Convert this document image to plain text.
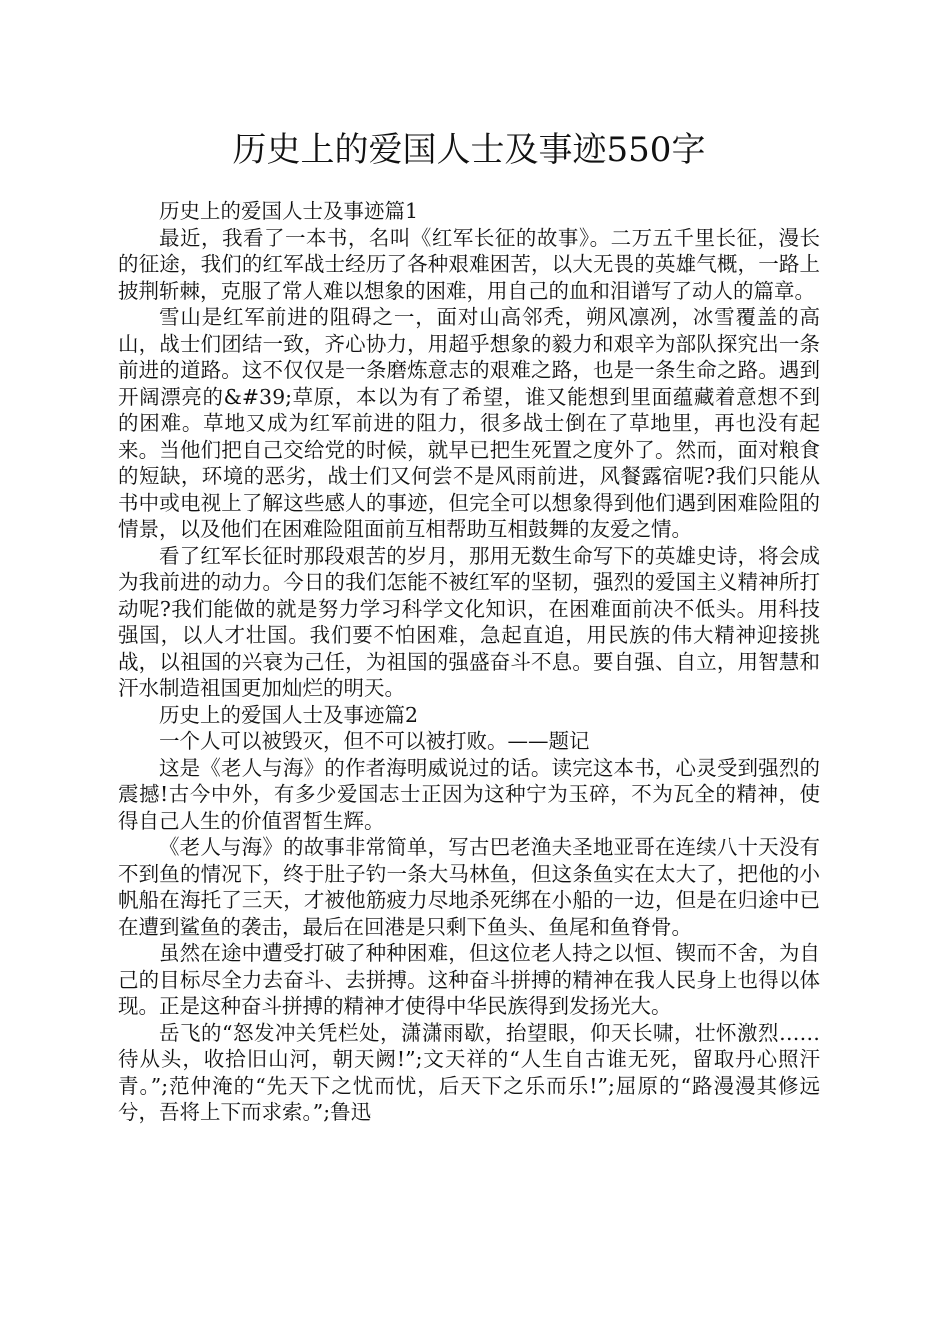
历史上的爱国人士及事迹550字

历史上的爱国人士及事迹篇1

最近，我看了一本书，名叫《红军长征的故事》。二万五千里长征，漫长的征途，我们的红军战士经历了各种艰难困苦，以大无畏的英雄气概，一路上披荆斩棘，克服了常人难以想象的困难，用自己的血和泪谱写了动人的篇章。

雪山是红军前进的阻碍之一，面对山高邻秃，朔风凛冽，冰雪覆盖的高山，战士们团结一致，齐心协力，用超乎想象的毅力和艰辛为部队探究出一条前进的道路。这不仅仅是一条磨炼意志的艰难之路，也是一条生命之路。遇到开阔漂亮的&#39;草原，本以为有了希望，谁又能想到里面蕴藏着意想不到的困难。草地又成为红军前进的阻力，很多战士倒在了草地里，再也没有起来。当他们把自己交给党的时候，就早已把生死置之度外了。然而，面对粮食的短缺，环境的恶劣，战士们又何尝不是风雨前进，风餐露宿呢?我们只能从书中或电视上了解这些感人的事迹，但完全可以想象得到他们遇到困难险阻的情景，以及他们在困难险阻面前互相帮助互相鼓舞的友爱之情。

看了红军长征时那段艰苦的岁月，那用无数生命写下的英雄史诗，将会成为我前进的动力。今日的我们怎能不被红军的坚韧，强烈的爱国主义精神所打动呢?我们能做的就是努力学习科学文化知识，在困难面前决不低头。用科技强国，以人才壮国。我们要不怕困难，急起直追，用民族的伟大精神迎接挑战，以祖国的兴衰为己任，为祖国的强盛奋斗不息。要自强、自立，用智慧和汗水制造祖国更加灿烂的明天。

历史上的爱国人士及事迹篇2

一个人可以被毁灭，但不可以被打败。——题记

这是《老人与海》的作者海明威说过的话。读完这本书，心灵受到强烈的震撼!古今中外，有多少爱国志士正因为这种宁为玉碎，不为瓦全的精神，使得自己人生的价值習皙生辉。

《老人与海》的故事非常简单，写古巴老渔夫圣地亚哥在连续八十天没有不到鱼的情况下，终于肚子钓一条大马林鱼，但这条鱼实在太大了，把他的小帆船在海托了三天，才被他筋疲力尽地杀死绑在小船的一边，但是在归途中已在遭到鲨鱼的袭击，最后在回港是只剩下鱼头、鱼尾和鱼脊骨。

虽然在途中遭受打破了种种困难，但这位老人持之以恒、锲而不舍，为自己的目标尽全力去奋斗、去拼搏。这种奋斗拼搏的精神在我人民身上也得以体现。正是这种奋斗拼搏的精神才使得中华民族得到发扬光大。

岳飞的“怒发冲关凭栏处，潇潇雨歇，抬望眼，仰天长啸，壮怀激烈……待从头，收拾旧山河，朝天阙!”;文天祥的“人生自古谁无死，留取丹心照汗青。”;范仲淹的“先天下之忧而忧，后天下之乐而乐!”;屈原的“路漫漫其修远兮，吾将上下而求索。”;鲁迅
